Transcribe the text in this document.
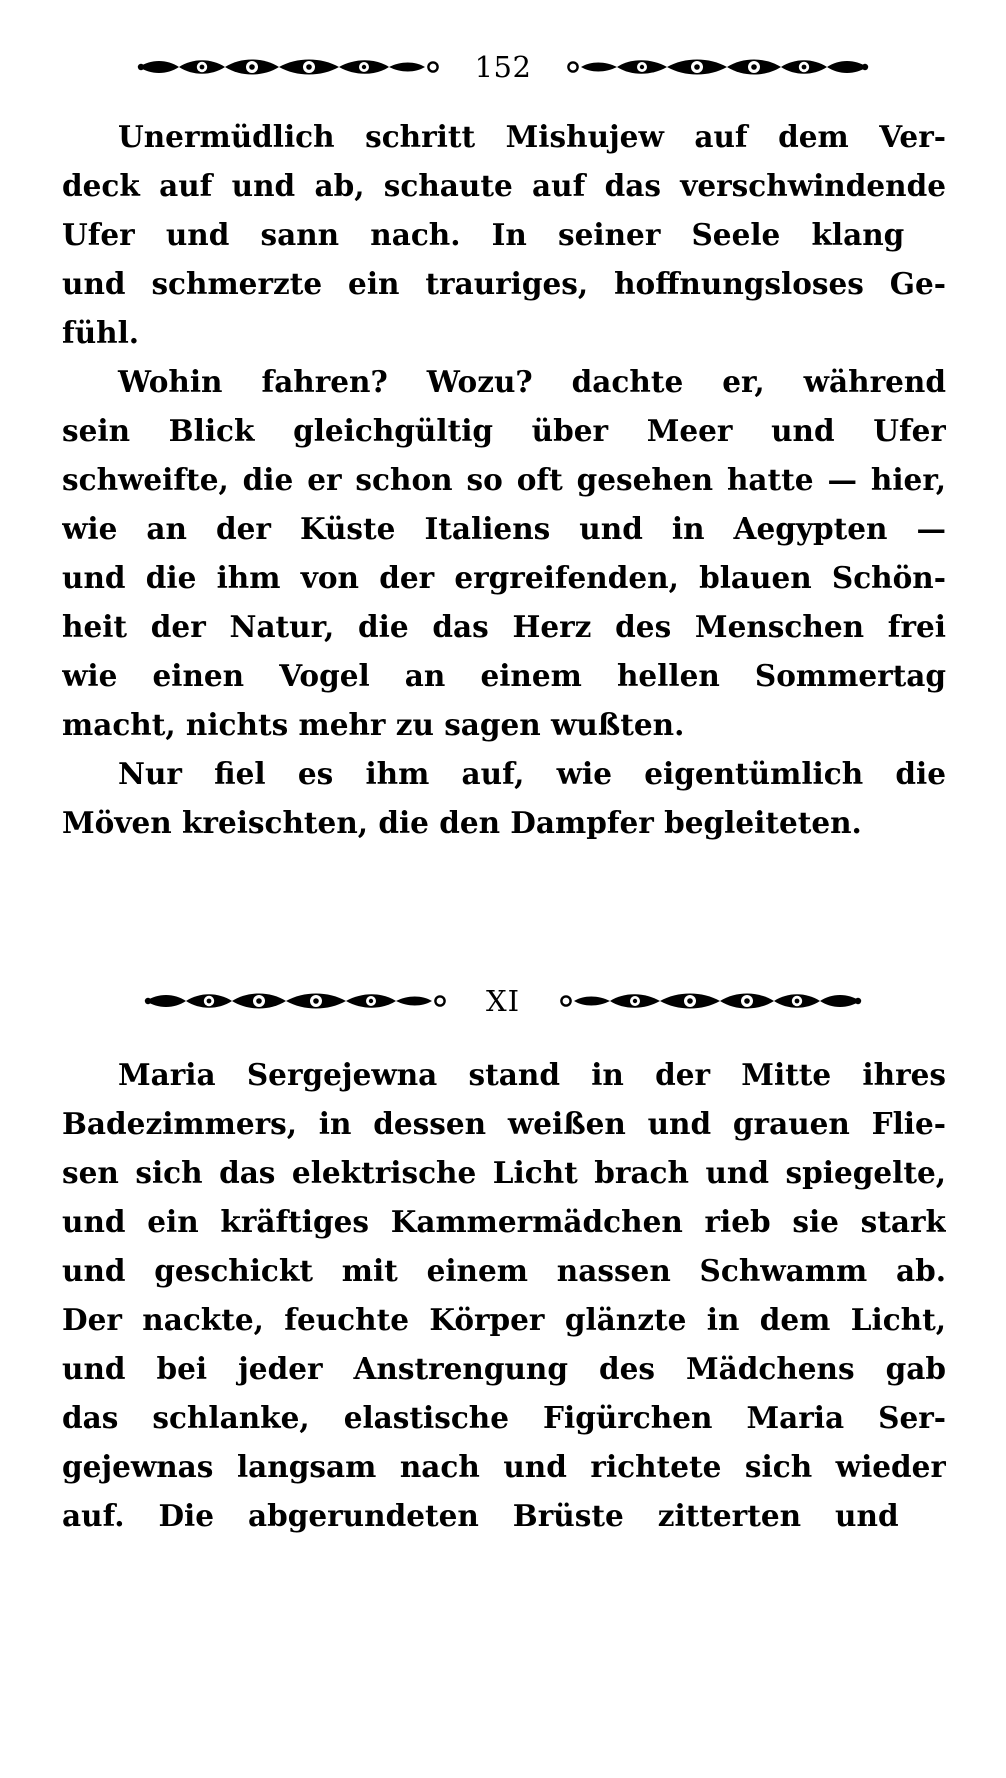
152
Unermüdlich schritt Mishujew auf dem Ver-
deck auf und ab, schaute auf das verschwindende
Ufer und sann nach. In seiner Seele klang
und schmerzte ein trauriges, hoffnungsloses Ge-
fühl.
Wohin fahren? Wozu? dachte er, während
sein Blick gleichgültig über Meer und Ufer
schweifte, die er schon so oft gesehen hatte — hier,
wie an der Küste Italiens und in Aegypten —
und die ihm von der ergreifenden, blauen Schön-
heit der Natur, die das Herz des Menschen frei
wie einen Vogel an einem hellen Sommertag
macht, nichts mehr zu sagen wußten.
Nur fiel es ihm auf, wie eigentümlich die
Möven kreischten, die den Dampfer begleiteten.
XI
Maria Sergejewna stand in der Mitte ihres
Badezimmers, in dessen weißen und grauen Flie-
sen sich das elektrische Licht brach und spiegelte,
und ein kräftiges Kammermädchen rieb sie stark
und geschickt mit einem nassen Schwamm ab.
Der nackte, feuchte Körper glänzte in dem Licht,
und bei jeder Anstrengung des Mädchens gab
das schlanke, elastische Figürchen Maria Ser-
gejewnas langsam nach und richtete sich wieder
auf. Die abgerundeten Brüste zitterten und
